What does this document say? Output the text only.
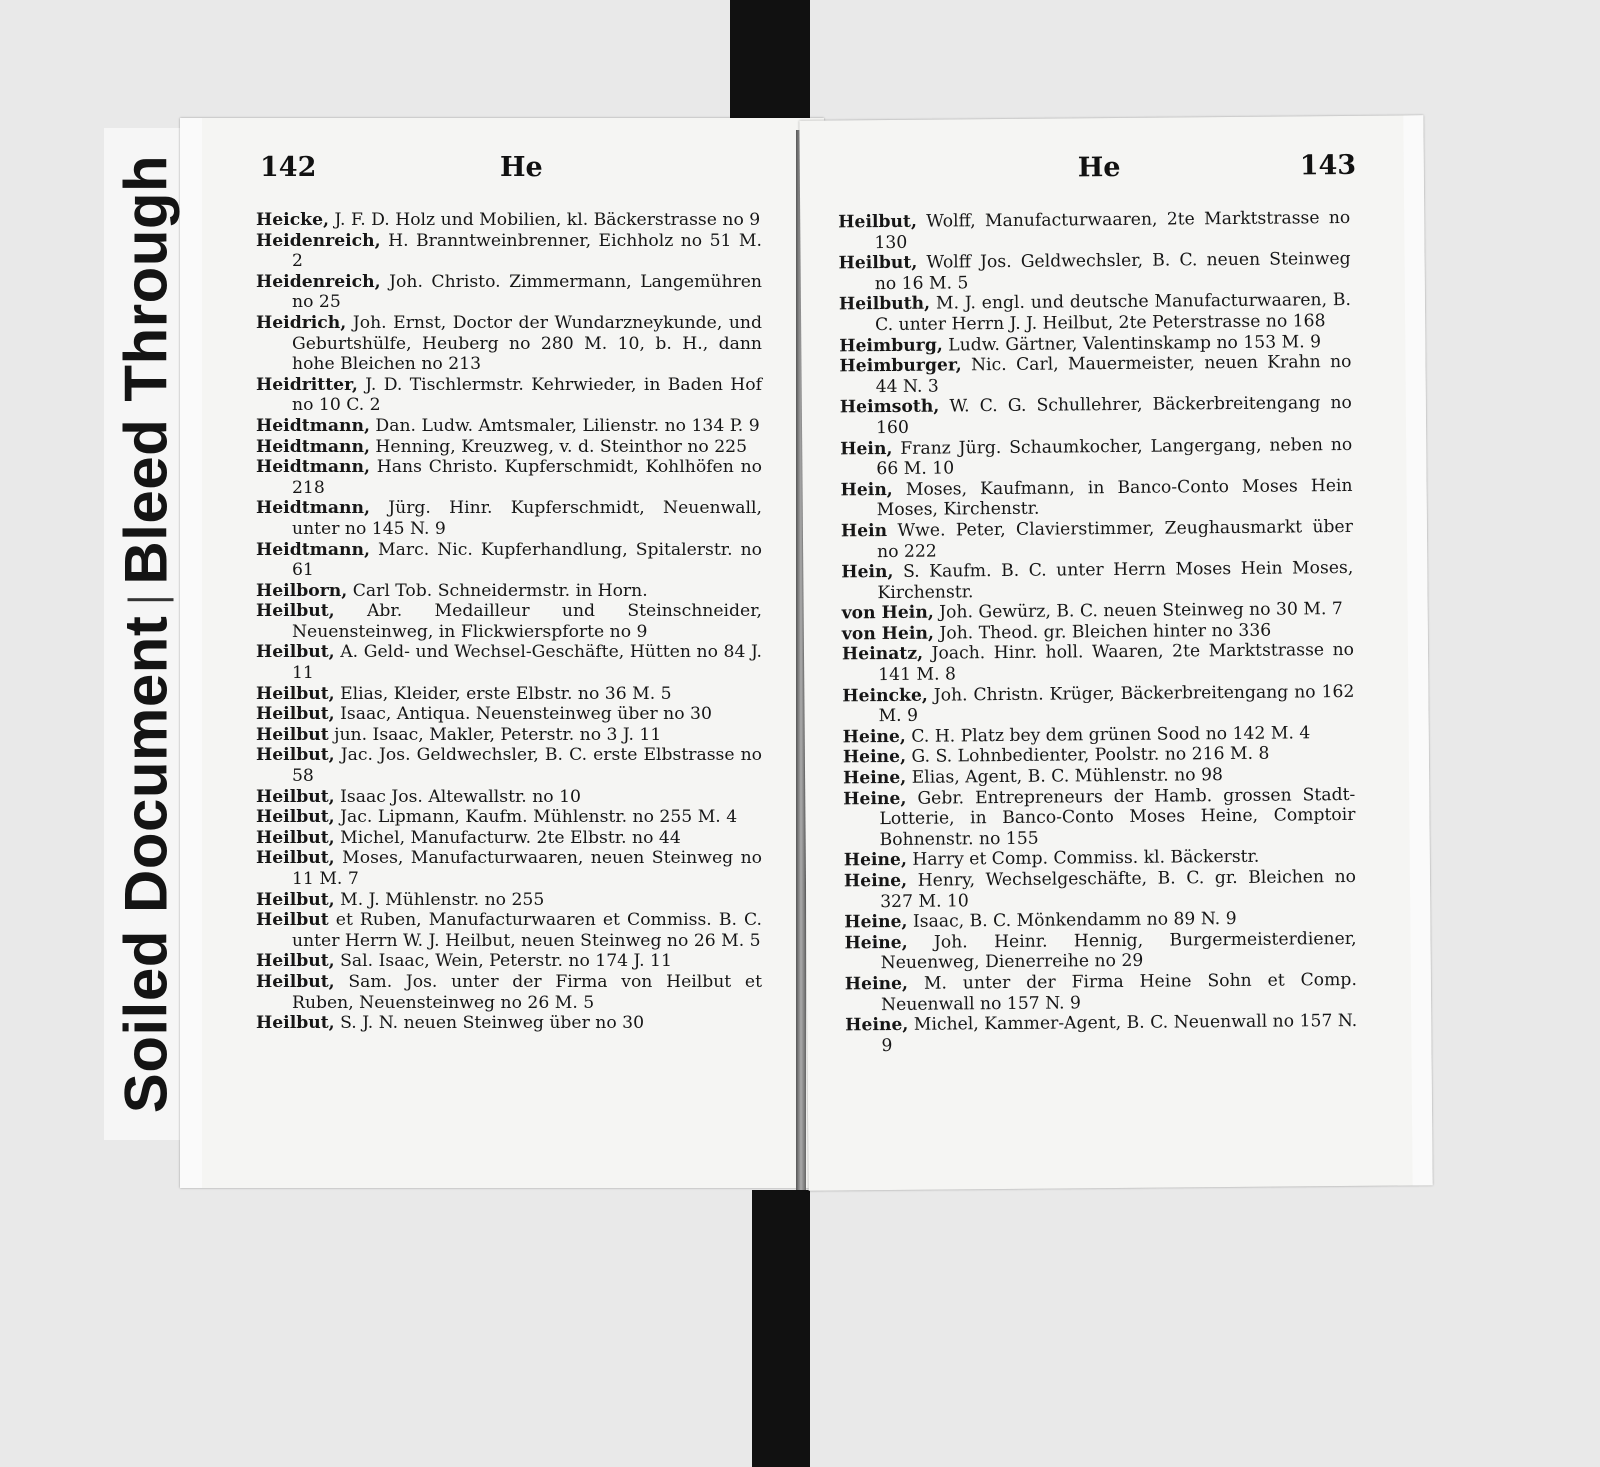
Soiled DocumentBleed Through	142	He

Heicke, J. F. D. Holz und Mobilien, kl. Bäckerstrasse no 9

Heidenreich, H. Branntweinbrenner, Eichholz no 51 M. 2

Heidenreich, Joh. Christo. Zimmermann, Langemühren no 25

Heidrich, Joh. Ernst, Doctor der Wundarzneykunde, und Geburtshülfe, Heuberg no 280 M. 10, b. H., dann hohe Bleichen no 213

Heidritter, J. D. Tischlermstr. Kehrwieder, in Baden Hof no 10 C. 2

Heidtmann, Dan. Ludw. Amtsmaler, Lilienstr. no 134 P. 9

Heidtmann, Henning, Kreuzweg, v. d. Steinthor no 225

Heidtmann, Hans Christo. Kupferschmidt, Kohlhöfen no 218

Heidtmann, Jürg. Hinr. Kupferschmidt, Neuenwall, unter no 145 N. 9

Heidtmann, Marc. Nic. Kupferhandlung, Spitalerstr. no 61

Heilborn, Carl Tob. Schneidermstr. in Horn.

Heilbut, Abr. Medailleur und Steinschneider, Neuensteinweg, in Flickwierspforte no 9

Heilbut, A. Geld- und Wechsel-Geschäfte, Hütten no 84 J. 11

Heilbut, Elias, Kleider, erste Elbstr. no 36 M. 5

Heilbut, Isaac, Antiqua. Neuensteinweg über no 30

Heilbut jun. Isaac, Makler, Peterstr. no 3 J. 11

Heilbut, Jac. Jos. Geldwechsler, B. C. erste Elbstrasse no 58

Heilbut, Isaac Jos. Altewallstr. no 10

Heilbut, Jac. Lipmann, Kaufm. Mühlenstr. no 255 M. 4

Heilbut, Michel, Manufacturw. 2te Elbstr. no 44

Heilbut, Moses, Manufacturwaaren, neuen Steinweg no 11 M. 7

Heilbut, M. J. Mühlenstr. no 255

Heilbut et Ruben, Manufacturwaaren et Commiss. B. C. unter Herrn W. J. Heilbut, neuen Steinweg no 26 M. 5

Heilbut, Sal. Isaac, Wein, Peterstr. no 174 J. 11

Heilbut, Sam. Jos. unter der Firma von Heilbut et Ruben, Neuensteinweg no 26 M. 5

Heilbut, S. J. N. neuen Steinweg über no 30

He	143

Heilbut, Wolff, Manufacturwaaren, 2te Marktstrasse no 130

Heilbut, Wolff Jos. Geldwechsler, B. C. neuen Steinweg no 16 M. 5

Heilbuth, M. J. engl. und deutsche Manufacturwaaren, B. C. unter Herrn J. J. Heilbut, 2te Peterstrasse no 168

Heimburg, Ludw. Gärtner, Valentinskamp no 153 M. 9

Heimburger, Nic. Carl, Mauermeister, neuen Krahn no 44 N. 3

Heimsoth, W. C. G. Schullehrer, Bäckerbreitengang no 160

Hein, Franz Jürg. Schaumkocher, Langergang, neben no 66 M. 10

Hein, Moses, Kaufmann, in Banco-Conto Moses Hein Moses, Kirchenstr.

Hein Wwe. Peter, Clavierstimmer, Zeughausmarkt über no 222

Hein, S. Kaufm. B. C. unter Herrn Moses Hein Moses, Kirchenstr.

von Hein, Joh. Gewürz, B. C. neuen Steinweg no 30 M. 7

von Hein, Joh. Theod. gr. Bleichen hinter no 336

Heinatz, Joach. Hinr. holl. Waaren, 2te Marktstrasse no 141 M. 8

Heincke, Joh. Christn. Krüger, Bäckerbreitengang no 162 M. 9

Heine, C. H. Platz bey dem grünen Sood no 142 M. 4

Heine, G. S. Lohnbedienter, Poolstr. no 216 M. 8

Heine, Elias, Agent, B. C. Mühlenstr. no 98

Heine, Gebr. Entrepreneurs der Hamb. grossen Stadt-Lotterie, in Banco-Conto Moses Heine, Comptoir Bohnenstr. no 155

Heine, Harry et Comp. Commiss. kl. Bäckerstr.

Heine, Henry, Wechselgeschäfte, B. C. gr. Bleichen no 327 M. 10

Heine, Isaac, B. C. Mönkendamm no 89 N. 9

Heine, Joh. Heinr. Hennig, Burgermeisterdiener, Neuenweg, Dienerreihe no 29

Heine, M. unter der Firma Heine Sohn et Comp. Neuenwall no 157 N. 9

Heine, Michel, Kammer-Agent, B. C. Neuenwall no 157 N. 9
